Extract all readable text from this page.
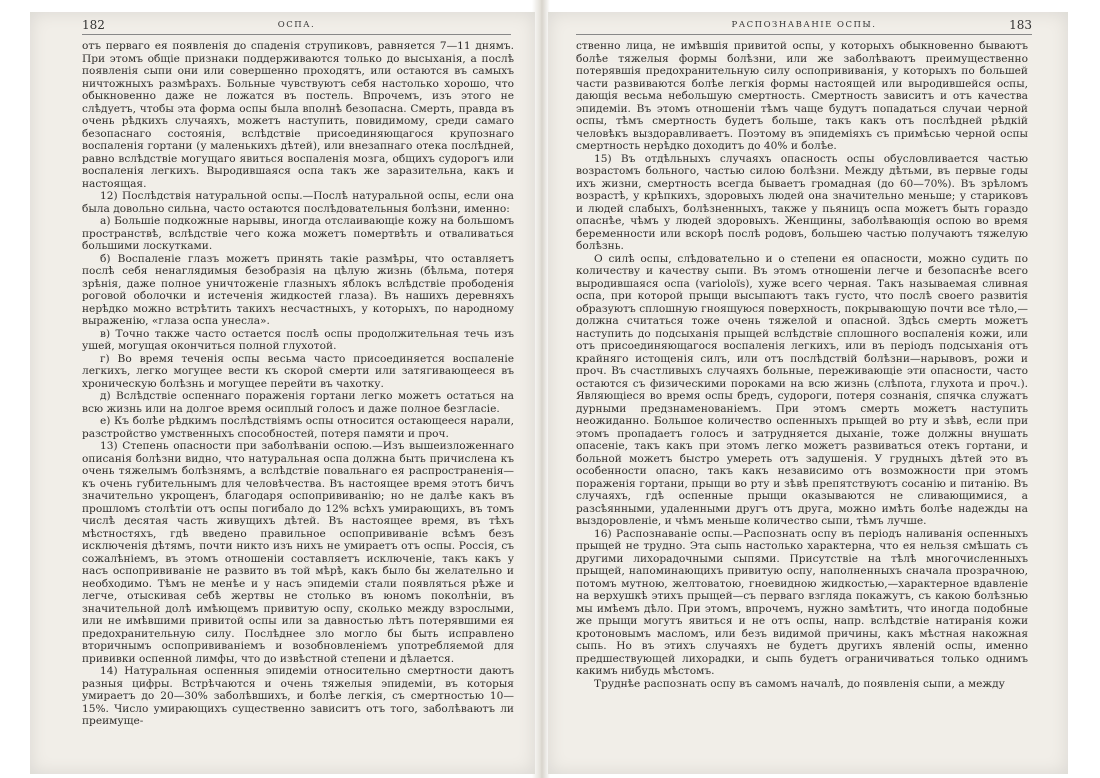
182	ОСПА.

отъ перваго ея появленія до спаденія струпиковъ, равняется 7—11 днямъ. При этомъ общіе признаки поддерживаются только до высыханія, а послѣ появленія сыпи они или совершенно проходятъ, или остаются въ самыхъ ничтожныхъ размѣрахъ. Больные чувствуютъ себя настолько хорошо, что обыкновенно даже не ложатся въ постель. Впрочемъ, изъ этого не слѣдуетъ, чтобы эта форма оспы была вполнѣ безопасна. Смерть, правда въ очень рѣдкихъ случаяхъ, можетъ наступить, повидимому, среди самаго безопаснаго состоянія, вслѣдствіе присоединяющагося крупознаго воспаленія гортани (у маленькихъ дѣтей), или внезапнаго отека послѣдней, равно вслѣдствіе могущаго явиться воспаленія мозга, общихъ судорогъ или воспаленія легкихъ. Выродившаяся оспа такъ же заразительна, какъ и настоящая.

12) Послѣдствія натуральной оспы.—Послѣ натуральной оспы, если она была довольно сильна, часто остаются послѣдовательныя болѣзни, именно:

а) Большіе подкожные нарывы, иногда отслаивающіе кожу на большомъ пространствѣ, вслѣдствіе чего кожа можетъ помертвѣть и отваливаться большими лоскутками.

б) Воспаленіе глазъ можетъ принять такіе размѣры, что оставляетъ послѣ себя ненаглядимыя безобразія на цѣлую жизнь (бѣльма, потеря зрѣнія, даже полное уничтоженіе глазныхъ яблокъ вслѣдствіе прободенія роговой оболочки и истеченія жидкостей глаза). Въ нашихъ деревняхъ нерѣдко можно встрѣтить такихъ несчастныхъ, у которыхъ, по народному выраженію, «глаза оспа унесла».

в) Точно также часто остается послѣ оспы продолжительная течь изъ ушей, могущая окончиться полной глухотой.

г) Во время теченія оспы весьма часто присоединяется воспаленіе легкихъ, легко могущее вести къ скорой смерти или затягивающееся въ хроническую болѣзнь и могущее перейти въ чахотку.

д) Вслѣдствіе оспеннаго пораженія гортани легко можетъ остаться на всю жизнь или на долгое время осиплый голосъ и даже полное безгласіе.

е) Къ болѣе рѣдкимъ послѣдствіямъ оспы относится остающееся нарали, разстройство умственныхъ способностей, потеря памяти и проч.

13) Степень опасности при заболѣваніи оспою.—Изъ вышеизложеннаго описанія болѣзни видно, что натуральная оспа должна быть причислена къ очень тяжелымъ болѣзнямъ, а вслѣдствіе повальнаго ея распространенія—къ очень губительнымъ для человѣчества. Въ настоящее время этотъ бичъ значительно укрощенъ, благодаря оспопрививанію; но не далѣе какъ въ прошломъ столѣтіи отъ оспы погибало до 12% всѣхъ умирающихъ, въ томъ числѣ десятая часть живущихъ дѣтей. Въ настоящее время, въ тѣхъ мѣстностяхъ, гдѣ введено правильное оспопрививаніе всѣмъ безъ исключенія дѣтямъ, почти никто изъ нихъ не умираетъ отъ оспы. Россія, съ сожалѣніемъ, въ этомъ отношеніи составляетъ исключеніе, такъ какъ у насъ оспопрививаніе не развито въ той мѣрѣ, какъ было бы желательно и необходимо. Тѣмъ не менѣе и у насъ эпидеміи стали появляться рѣже и легче, отыскивая себѣ жертвы не столько въ юномъ поколѣніи, въ значительной долѣ имѣющемъ привитую оспу, сколько между взрослыми, или не имѣвшими привитой оспы или за давностью лѣтъ потерявшими ея предохранительную силу. Послѣднее зло могло бы быть исправлено вторичнымъ оспопрививаніемъ и возобновленіемъ употребляемой для прививки оспенной лимфы, что до извѣстной степени и дѣлается.

14) Натуральная оспенныя эпидеміи относительно смертности даютъ разныя цифры. Встрѣчаются и очень тяжелыя эпидеміи, въ которыя умираетъ до 20—30% заболѣвшихъ, и болѣе легкія, съ смертностью 10—15%. Число умирающихъ существенно зависитъ отъ того, заболѣваютъ ли преимуще-

РАСПОЗНАВАНІЕ ОСПЫ.	183

ственно лица, не имѣвшія привитой оспы, у которыхъ обыкновенно бываютъ болѣе тяжелыя формы болѣзни, или же заболѣваютъ преимущественно потерявшія предохранительную силу оспопрививанія, у которыхъ по большей части развиваются болѣе легкія формы настоящей или выродившейся оспы, дающія весьма небольшую смертность. Смертность зависитъ и отъ качества эпидеміи. Въ этомъ отношеніи тѣмъ чаще будутъ попадаться случаи черной оспы, тѣмъ смертность будетъ больше, такъ какъ отъ послѣдней рѣдкій человѣкъ выздоравливаетъ. Поэтому въ эпидеміяхъ съ примѣсью черной оспы смертность нерѣдко доходитъ до 40% и болѣе.

15) Въ отдѣльныхъ случаяхъ опасность оспы обусловливается частью возрастомъ больного, частью силою болѣзни. Между дѣтьми, въ первые годы ихъ жизни, смертность всегда бываетъ громадная (до 60—70%). Въ зрѣломъ возрастѣ, у крѣпкихъ, здоровыхъ людей она значительно меньше; у стариковъ и людей слабыхъ, болѣзненныхъ, также у пьяницъ оспа можетъ быть гораздо опаснѣе, чѣмъ у людей здоровыхъ. Женщины, заболѣвающія оспою во время беременности или вскорѣ послѣ родовъ, большею частью получаютъ тяжелую болѣзнь.

О силѣ оспы, слѣдовательно и о степени ея опасности, можно судить по количеству и качеству сыпи. Въ этомъ отношеніи легче и безопаснѣе всего выродившаяся оспа (varioloïs), хуже всего черная. Такъ называемая сливная оспа, при которой прыщи высыпаютъ такъ густо, что послѣ своего развитія образуютъ сплошную гноящуюся поверхность, покрывающую почти все тѣло,—должна считаться тоже очень тяжелой и опасной. Здѣсь смерть можетъ наступить до подсыханія прыщей вслѣдствіе сплошного воспаленія кожи, или отъ присоединяющагося воспаленія легкихъ, или въ періодъ подсыханія отъ крайняго истощенія силъ, или отъ послѣдствій болѣзни—нарывовъ, рожи и проч. Въ счастливыхъ случаяхъ больные, переживающіе эти опасности, часто остаются съ физическими пороками на всю жизнь (слѣпота, глухота и проч.). Являющіеся во время оспы бредъ, судороги, потеря сознанія, спячка служатъ дурными предзнаменованіемъ. При этомъ смерть можетъ наступить неожиданно. Большое количество оспенныхъ прыщей во рту и зѣвѣ, если при этомъ пропадаетъ голосъ и затрудняется дыханіе, тоже должны внушать опасеніе, такъ какъ при этомъ легко можетъ развиваться отекъ гортани, и больной можетъ быстро умереть отъ задушенія. У грудныхъ дѣтей это въ особенности опасно, такъ какъ независимо отъ возможности при этомъ пораженія гортани, прыщи во рту и зѣвѣ препятствуютъ сосанію и питанію. Въ случаяхъ, гдѣ оспенные прыщи оказываются не сливающимися, а разсѣянными, удаленными другъ отъ друга, можно имѣть болѣе надежды на выздоровленіе, и чѣмъ меньше количество сыпи, тѣмъ лучше.

16) Распознаваніе оспы.—Распознать оспу въ періодъ наливанія оспенныхъ прыщей не трудно. Эта сыпь настолько характерна, что ея нельзя смѣшать съ другими лихорадочными сыпями. Присутствіе на тѣлѣ многочисленныхъ прыщей, напоминающихъ привитую оспу, наполненныхъ сначала прозрачною, потомъ мутною, желтоватою, гноевидною жидкостью,—характерное вдавленіе на верхушкѣ этихъ прыщей—съ перваго взгляда покажутъ, съ какою болѣзнью мы имѣемъ дѣло. При этомъ, впрочемъ, нужно замѣтить, что иногда подобные же прыщи могутъ явиться и не отъ оспы, напр. вслѣдствіе натиранія кожи кротоновымъ масломъ, или безъ видимой причины, какъ мѣстная накожная сыпь. Но въ этихъ случаяхъ не будетъ другихъ явленій оспы, именно предшествующей лихорадки, и сыпь будетъ ограничиваться только однимъ какимъ нибудь мѣстомъ.

Труднѣе распознать оспу въ самомъ началѣ, до появленія сыпи, а между
